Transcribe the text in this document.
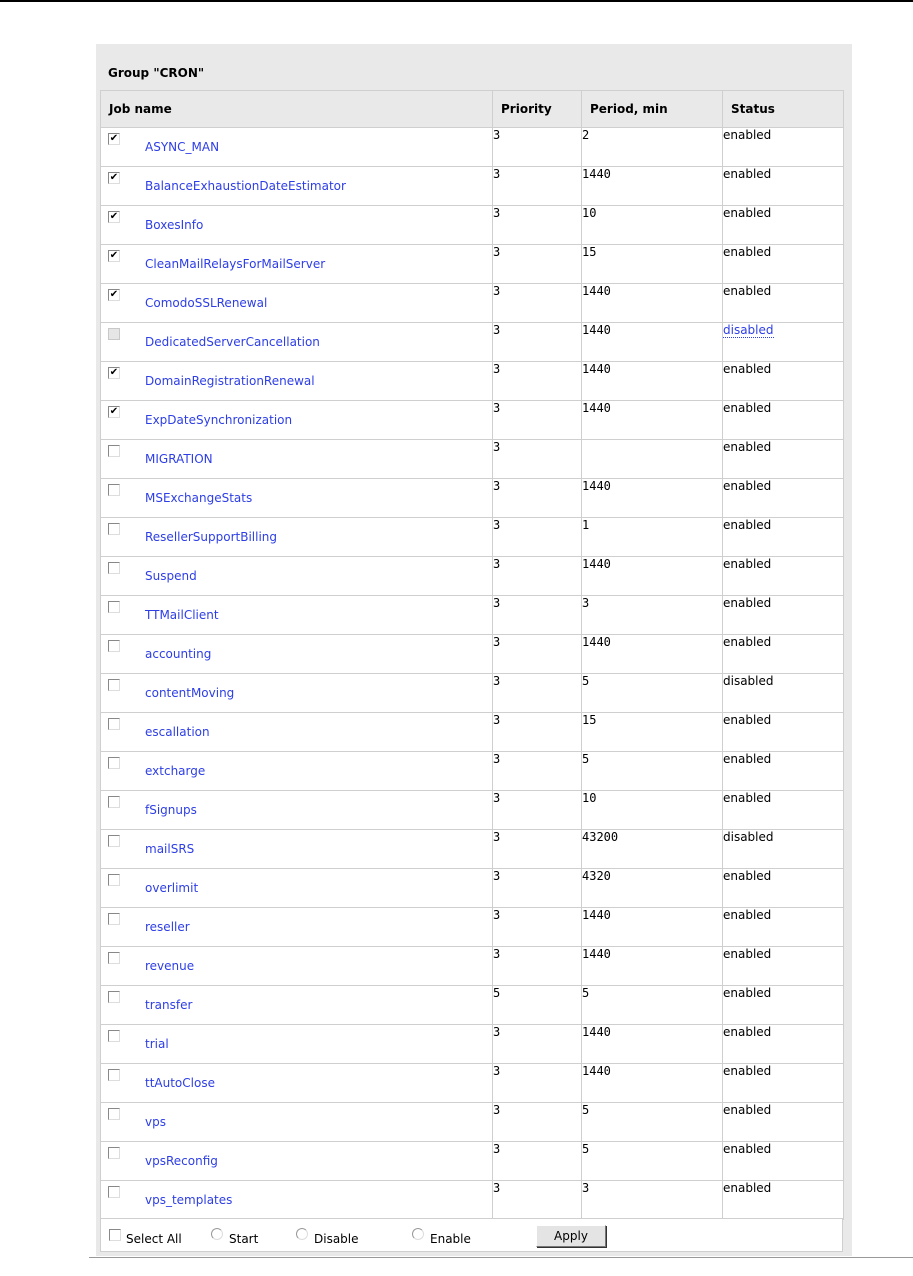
Group "CRON"
Job name	Priority	Period, min	Status

✔
ASYNC_MAN	3	2	enabled

✔
BalanceExhaustionDateEstimator	3	1440	enabled

✔
BoxesInfo	3	10	enabled

✔
CleanMailRelaysForMailServer	3	15	enabled

✔
ComodoSSLRenewal	3	1440	enabled

DedicatedServerCancellation	3	1440	disabled

✔
DomainRegistrationRenewal	3	1440	enabled

✔
ExpDateSynchronization	3	1440	enabled

MIGRATION	3		enabled

MSExchangeStats	3	1440	enabled

ResellerSupportBilling	3	1	enabled

Suspend	3	1440	enabled

TTMailClient	3	3	enabled

accounting	3	1440	enabled

contentMoving	3	5	disabled

escallation	3	15	enabled

extcharge	3	5	enabled

fSignups	3	10	enabled

mailSRS	3	43200	disabled

overlimit	3	4320	enabled

reseller	3	1440	enabled

revenue	3	1440	enabled

transfer	5	5	enabled

trial	3	1440	enabled

ttAutoClose	3	1440	enabled

vps	3	5	enabled

vpsReconfig	3	5	enabled

vps_templates	3	3	enabled
Select All	Start	Disable	Enable	Apply
